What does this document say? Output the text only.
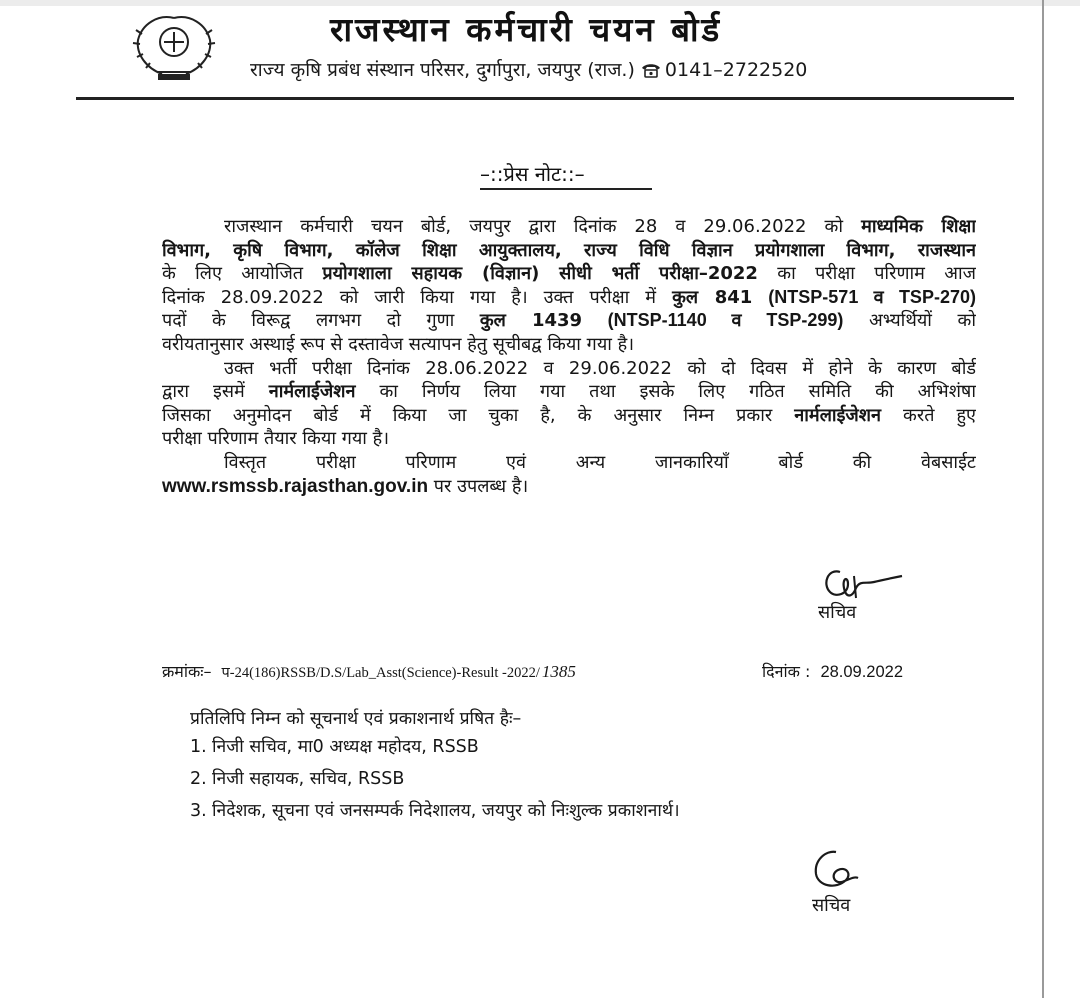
राजस्थान कर्मचारी चयन बोर्ड
राज्य कृषि प्रबंध संस्थान परिसर, दुर्गापुरा, जयपुर (राज.) 0141–2722520
–::प्रेस नोट::–
राजस्थान कर्मचारी चयन बोर्ड, जयपुर द्वारा दिनांक 28 व 29.06.2022 को माध्यमिक शिक्षा
विभाग, कृषि विभाग, कॉलेज शिक्षा आयुक्तालय, राज्य विधि विज्ञान प्रयोगशाला विभाग, राजस्थान
के लिए आयोजित प्रयोगशाला सहायक (विज्ञान) सीधी भर्ती परीक्षा–2022 का परीक्षा परिणाम आज
दिनांक 28.09.2022 को जारी किया गया है। उक्त परीक्षा में कुल 841 (NTSP-571 व TSP-270)
पदों के विरूद्व लगभग दो गुणा कुल 1439 (NTSP-1140 व TSP-299) अभ्यर्थियों को
वरीयतानुसार अस्थाई रूप से दस्तावेज सत्यापन हेतु सूचीबद्व किया गया है।
उक्त भर्ती परीक्षा दिनांक 28.06.2022 व 29.06.2022 को दो दिवस में होने के कारण बोर्ड
द्वारा इसमें नार्मलाईजेशन का निर्णय लिया गया तथा इसके लिए गठित समिति की अभिशंषा
जिसका अनुमोदन बोर्ड में किया जा चुका है, के अनुसार निम्न प्रकार नार्मलाईजेशन करते हुए
परीक्षा परिणाम तैयार किया गया है।
विस्तृत परीक्षा परिणाम एवं अन्य जानकारियाँ बोर्ड की वेबसाईट
www.rsmssb.rajasthan.gov.in पर उपलब्ध है।
सचिव
क्रमांकः– प-24(186)RSSB/D.S/Lab_Asst(Science)-Result -2022/ 1385	दिनांक : 28.09.2022
प्रतिलिपि निम्न को सूचनार्थ एवं प्रकाशनार्थ प्रषित हैः–
1. निजी सचिव, मा0 अध्यक्ष महोदय, RSSB
2. निजी सहायक, सचिव, RSSB
3. निदेशक, सूचना एवं जनसम्पर्क निदेशालय, जयपुर को निःशुल्क प्रकाशनार्थ।
सचिव
